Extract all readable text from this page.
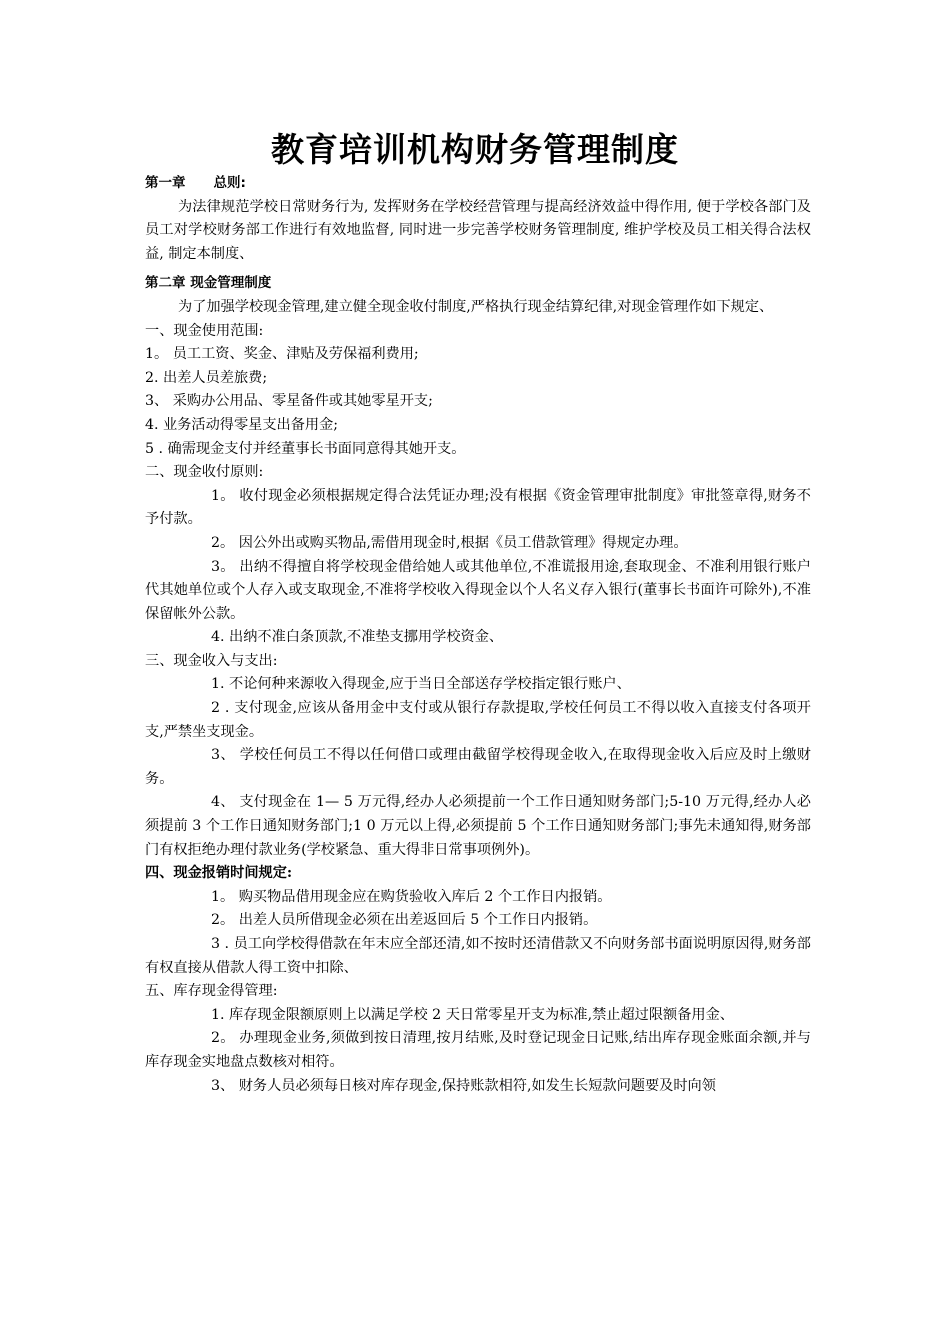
教育培训机构财务管理制度

第一章 总则:

为法律规范学校日常财务行为, 发挥财务在学校经营管理与提高经济效益中得作用, 便于学校各部门及员工对学校财务部工作进行有效地监督, 同时进一步完善学校财务管理制度, 维护学校及员工相关得合法权益, 制定本制度、

第二章 现金管理制度

为了加强学校现金管理,建立健全现金收付制度,严格执行现金结算纪律,对现金管理作如下规定、

一、现金使用范围:

1。 员工工资、奖金、津贴及劳保福利费用;

2. 出差人员差旅费;

3、 采购办公用品、零星备件或其她零星开支;

4. 业务活动得零星支出备用金;

5 . 确需现金支付并经董事长书面同意得其她开支。

二、现金收付原则:

1。 收付现金必须根据规定得合法凭证办理;没有根据《资金管理审批制度》审批签章得,财务不予付款。

2。 因公外出或购买物品,需借用现金时,根据《员工借款管理》得规定办理。

3。 出纳不得擅自将学校现金借给她人或其他单位,不准谎报用途,套取现金、不准利用银行账户代其她单位或个人存入或支取现金,不准将学校收入得现金以个人名义存入银行(董事长书面许可除外),不准保留帐外公款。

4. 出纳不准白条顶款,不准垫支挪用学校资金、

三、现金收入与支出:

1. 不论何种来源收入得现金,应于当日全部送存学校指定银行账户、

2 . 支付现金,应该从备用金中支付或从银行存款提取,学校任何员工不得以收入直接支付各项开支,严禁坐支现金。

3、 学校任何员工不得以任何借口或理由截留学校得现金收入,在取得现金收入后应及时上缴财务。

4、 支付现金在 1— 5 万元得,经办人必须提前一个工作日通知财务部门;5-10 万元得,经办人必须提前 3 个工作日通知财务部门;1 0 万元以上得,必须提前 5 个工作日通知财务部门;事先未通知得,财务部门有权拒绝办理付款业务(学校紧急、重大得非日常事项例外)。

四、现金报销时间规定:

1。 购买物品借用现金应在购货验收入库后 2 个工作日内报销。

2。 出差人员所借现金必须在出差返回后 5 个工作日内报销。

3 . 员工向学校得借款在年末应全部还清,如不按时还清借款又不向财务部书面说明原因得,财务部有权直接从借款人得工资中扣除、

五、库存现金得管理:

1. 库存现金限额原则上以满足学校 2 天日常零星开支为标准,禁止超过限额备用金、

2。 办理现金业务,须做到按日清理,按月结账,及时登记现金日记账,结出库存现金账面余额,并与库存现金实地盘点数核对相符。

3、 财务人员必须每日核对库存现金,保持账款相符,如发生长短款问题要及时向领
